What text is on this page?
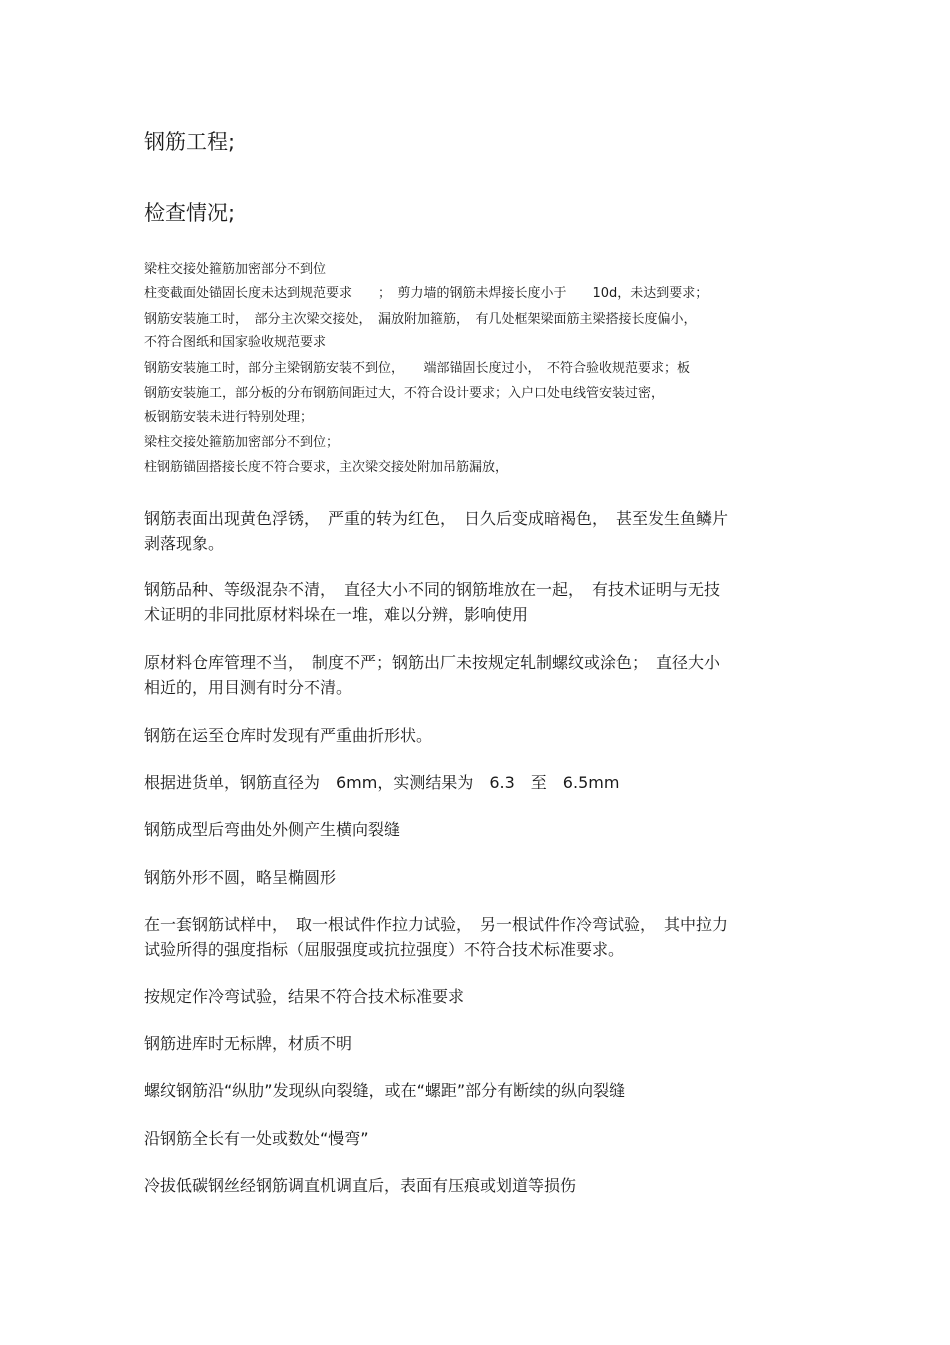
钢筋工程;
检查情况;

梁柱交接处箍筋加密部分不到位

柱变截面处锚固长度未达到规范要求　　；　剪力墙的钢筋未焊接长度小于　　10d，未达到要求；

钢筋安装施工时，　部分主次梁交接处，　漏放附加箍筋，　有几处框架梁面筋主梁搭接长度偏小，

不符合图纸和国家验收规范要求

钢筋安装施工时，部分主梁钢筋安装不到位，　　端部锚固长度过小，　不符合验收规范要求；板

钢筋安装施工，部分板的分布钢筋间距过大，不符合设计要求；入户口处电线管安装过密，

板钢筋安装未进行特别处理；

梁柱交接处箍筋加密部分不到位；

柱钢筋锚固搭接长度不符合要求，主次梁交接处附加吊筋漏放，

钢筋表面出现黄色浮锈，　严重的转为红色，　日久后变成暗褐色，　甚至发生鱼鳞片
剥落现象。
钢筋品种、等级混杂不清，　直径大小不同的钢筋堆放在一起，　有技术证明与无技
术证明的非同批原材料垛在一堆，难以分辨，影响使用
原材料仓库管理不当，　制度不严；钢筋出厂未按规定轧制螺纹或涂色；　直径大小
相近的，用目测有时分不清。
钢筋在运至仓库时发现有严重曲折形状。
根据进货单，钢筋直径为　6mm，实测结果为　6.3　至　6.5mm
钢筋成型后弯曲处外侧产生横向裂缝
钢筋外形不圆，略呈椭圆形
在一套钢筋试样中，　取一根试件作拉力试验，　另一根试件作冷弯试验，　其中拉力
试验所得的强度指标（屈服强度或抗拉强度）不符合技术标准要求。
按规定作冷弯试验，结果不符合技术标准要求
钢筋进库时无标牌，材质不明
螺纹钢筋沿“纵肋”发现纵向裂缝，或在“螺距”部分有断续的纵向裂缝
沿钢筋全长有一处或数处“慢弯”
冷拔低碳钢丝经钢筋调直机调直后，表面有压痕或划道等损伤
